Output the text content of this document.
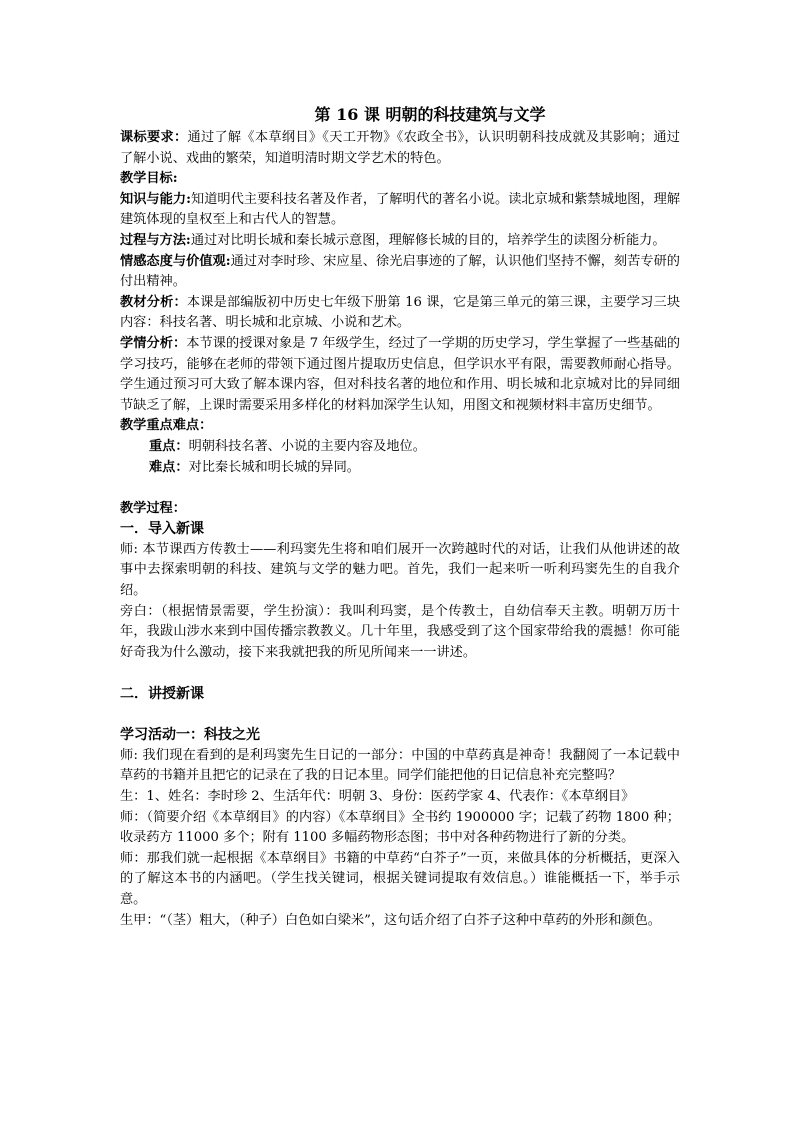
第 16 课 明朝的科技建筑与文学

课标要求：通过了解《本草纲目》《天工开物》《农政全书》，认识明朝科技成就及其影响；通过了解小说、戏曲的繁荣，知道明清时期文学艺术的特色。

教学目标:

知识与能力:知道明代主要科技名著及作者，了解明代的著名小说。读北京城和紫禁城地图，理解建筑体现的皇权至上和古代人的智慧。

过程与方法:通过对比明长城和秦长城示意图，理解修长城的目的，培养学生的读图分析能力。

情感态度与价值观:通过对李时珍、宋应星、徐光启事迹的了解，认识他们坚持不懈，刻苦专研的付出精神。

教材分析：本课是部编版初中历史七年级下册第 16 课，它是第三单元的第三课，主要学习三块内容：科技名著、明长城和北京城、小说和艺术。

学情分析：本节课的授课对象是 7 年级学生，经过了一学期的历史学习，学生掌握了一些基础的学习技巧，能够在老师的带领下通过图片提取历史信息，但学识水平有限，需要教师耐心指导。学生通过预习可大致了解本课内容，但对科技名著的地位和作用、明长城和北京城对比的异同细节缺乏了解，上课时需要采用多样化的材料加深学生认知，用图文和视频材料丰富历史细节。

教学重点难点：

重点：明朝科技名著、小说的主要内容及地位。

难点：对比秦长城和明长城的异同。

教学过程：

一．导入新课

师: 本节课西方传教士——利玛窦先生将和咱们展开一次跨越时代的对话，让我们从他讲述的故事中去探索明朝的科技、建筑与文学的魅力吧。首先，我们一起来听一听利玛窦先生的自我介绍。

旁白：（根据情景需要，学生扮演）：我叫利玛窦，是个传教士，自幼信奉天主教。明朝万历十年，我跋山涉水来到中国传播宗教教义。几十年里，我感受到了这个国家带给我的震撼！你可能好奇我为什么激动，接下来我就把我的所见所闻来一一讲述。

二．讲授新课

学习活动一：科技之光

师: 我们现在看到的是利玛窦先生日记的一部分：中国的中草药真是神奇！我翻阅了一本记载中草药的书籍并且把它的记录在了我的日记本里。同学们能把他的日记信息补充完整吗？

生：1、姓名：李时珍 2、生活年代：明朝 3、身份：医药学家 4、代表作：《本草纲目》

师：（简要介绍《本草纲目》的内容）《本草纲目》全书约 1900000 字；记载了药物 1800 种；收录药方 11000 多个；附有 1100 多幅药物形态图；书中对各种药物进行了新的分类。

师：那我们就一起根据《本草纲目》书籍的中草药“白芥子”一页，来做具体的分析概括，更深入的了解这本书的内涵吧。（学生找关键词，根据关键词提取有效信息。）谁能概括一下，举手示意。

生甲：“（茎）粗大，（种子）白色如白梁米”，这句话介绍了白芥子这种中草药的外形和颜色。
